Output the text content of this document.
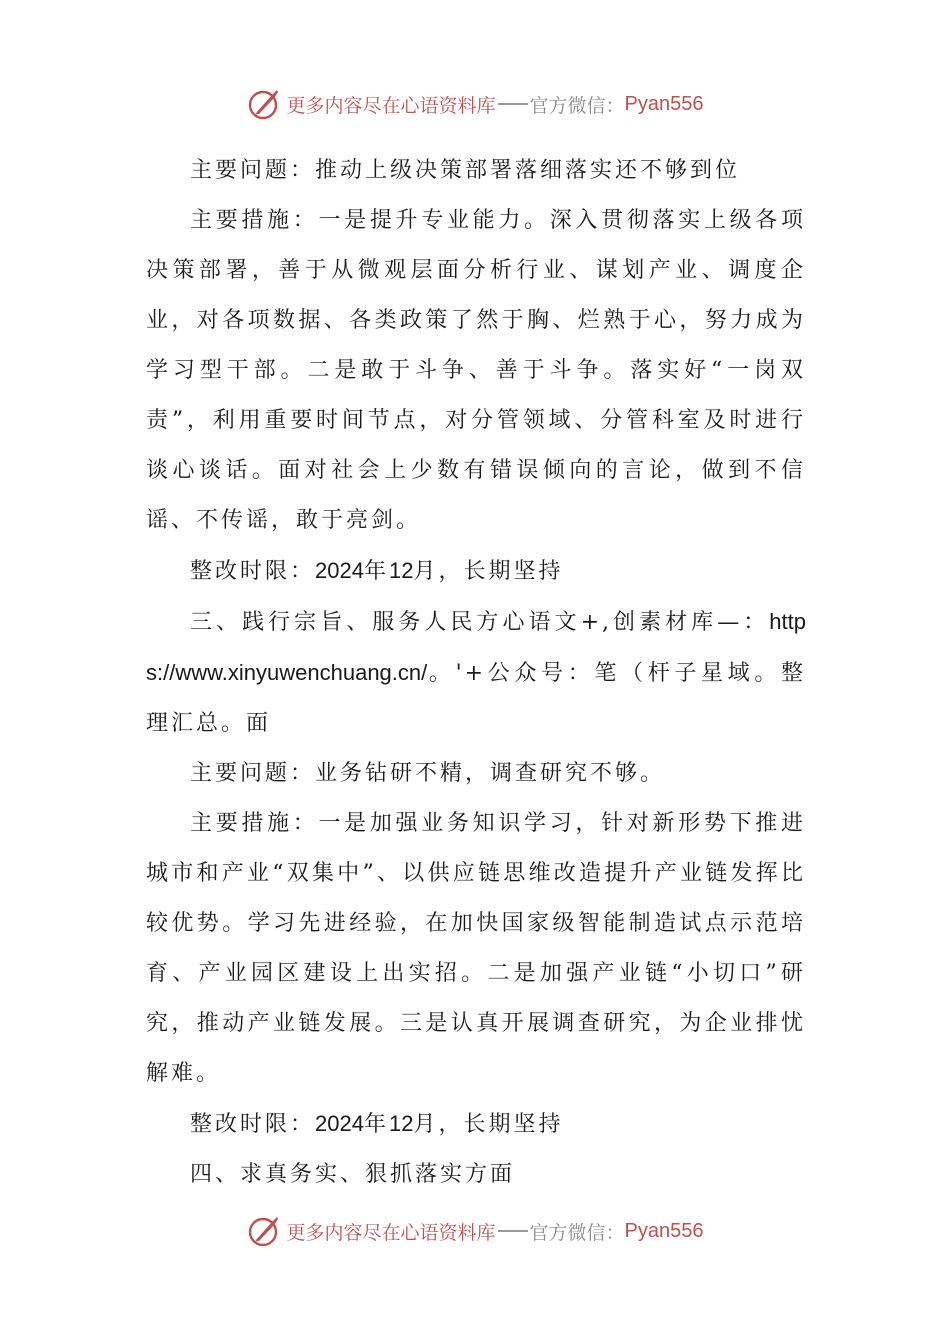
更多内容尽在心语资料库 官方微信： Pyan556

主要问题：推动上级决策部署落细落实还不够到位

主要措施：一是提升专业能力。深入贯彻落实上级各项决策部署，善于从微观层面分析行业、谋划产业、调度企业，对各项数据、各类政策了然于胸、烂熟于心，努力成为学习型干部。二是敢于斗争、善于斗争。落实好“一岗双责”，利用重要时间节点，对分管领域、分管科室及时进行谈心谈话。面对社会上少数有错误倾向的言论，做到不信谣、不传谣，敢于亮剑。

整改时限：2024年12月，长期坚持

三、践行宗旨、服务人民方心语文+,创素材库—：https://www.xinyuwenchuang.cn/。'+公众号：笔（杆子星域。整理汇总。面

主要问题：业务钻研不精，调查研究不够。

主要措施：一是加强业务知识学习，针对新形势下推进城市和产业“双集中”、以供应链思维改造提升产业链发挥比较优势。学习先进经验，在加快国家级智能制造试点示范培育、产业园区建设上出实招。二是加强产业链“小切口”研究，推动产业链发展。三是认真开展调查研究，为企业排忧解难。

整改时限：2024年12月，长期坚持

四、求真务实、狠抓落实方面

更多内容尽在心语资料库 官方微信： Pyan556
